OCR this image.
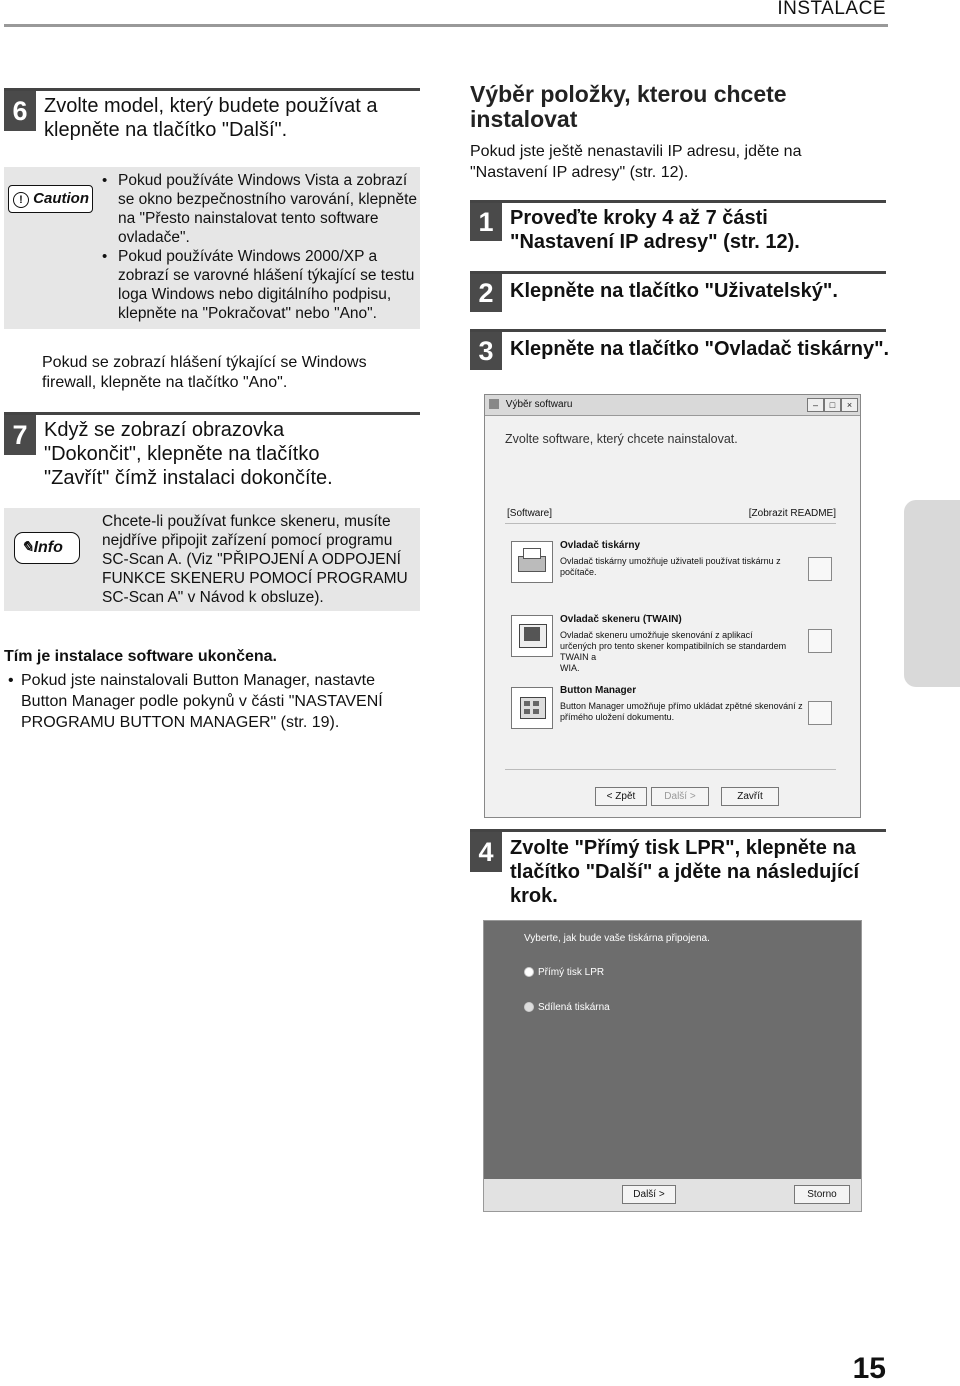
INSTALACE
6 Zvolte model, který budete používat a
klepněte na tlačítko "Další".
! Caution
• Pokud používáte Windows Vista a zobrazí
se okno bezpečnostního varování, klepněte
na "Přesto nainstalovat tento software
ovladače".
• Pokud používáte Windows 2000/XP a
zobrazí se varovné hlášení týkající se testu
loga Windows nebo digitálního podpisu,
klepněte na "Pokračovat" nebo "Ano".
Pokud se zobrazí hlášení týkající se Windows
firewall, klepněte na tlačítko "Ano".
7 Když se zobrazí obrazovka
"Dokončit", klepněte na tlačítko
"Zavřít" čímž instalaci dokončíte.
✎Info
Chcete-li používat funkce skeneru, musíte
nejdříve připojit zařízení pomocí programu
SC-Scan A. (Viz "PŘIPOJENÍ A ODPOJENÍ
FUNKCE SKENERU POMOCÍ PROGRAMU
SC-Scan A" v Návod k obsluze).
Tím je instalace software ukončena.
• Pokud jste nainstalovali Button Manager, nastavte
Button Manager podle pokynů v části "NASTAVENÍ
PROGRAMU BUTTON MANAGER" (str. 19).
Výběr položky, kterou chcete
instalovat
Pokud jste ještě nenastavili IP adresu, jděte na
"Nastavení IP adresy" (str. 12).
1 Proveďte kroky 4 až 7 části
"Nastavení IP adresy" (str. 12).
2 Klepněte na tlačítko "Uživatelský".
3 Klepněte na tlačítko "Ovladač tiskárny".
Výběr softwaru	–	□	×
Zvolte software, který chcete nainstalovat.
[Software]	[Zobrazit README]
Ovladač tiskárny
Ovladač tiskárny umožňuje uživateli používat tiskárnu z
počítače.
Ovladač skeneru (TWAIN)
Ovladač skeneru umožňuje skenování z aplikací
určených pro tento skener kompatibilních se standardem TWAIN a
WIA.
Button Manager
Button Manager umožňuje přímo ukládat zpětné skenování z
přímého uložení dokumentu.
< Zpět	Další >	Zavřít
4 Zvolte "Přímý tisk LPR", klepněte na
tlačítko "Další" a jděte na následující
krok.
Vyberte, jak bude vaše tiskárna připojena.
Přímý tisk LPR
Sdílená tiskárna
Další >	Storno
15
